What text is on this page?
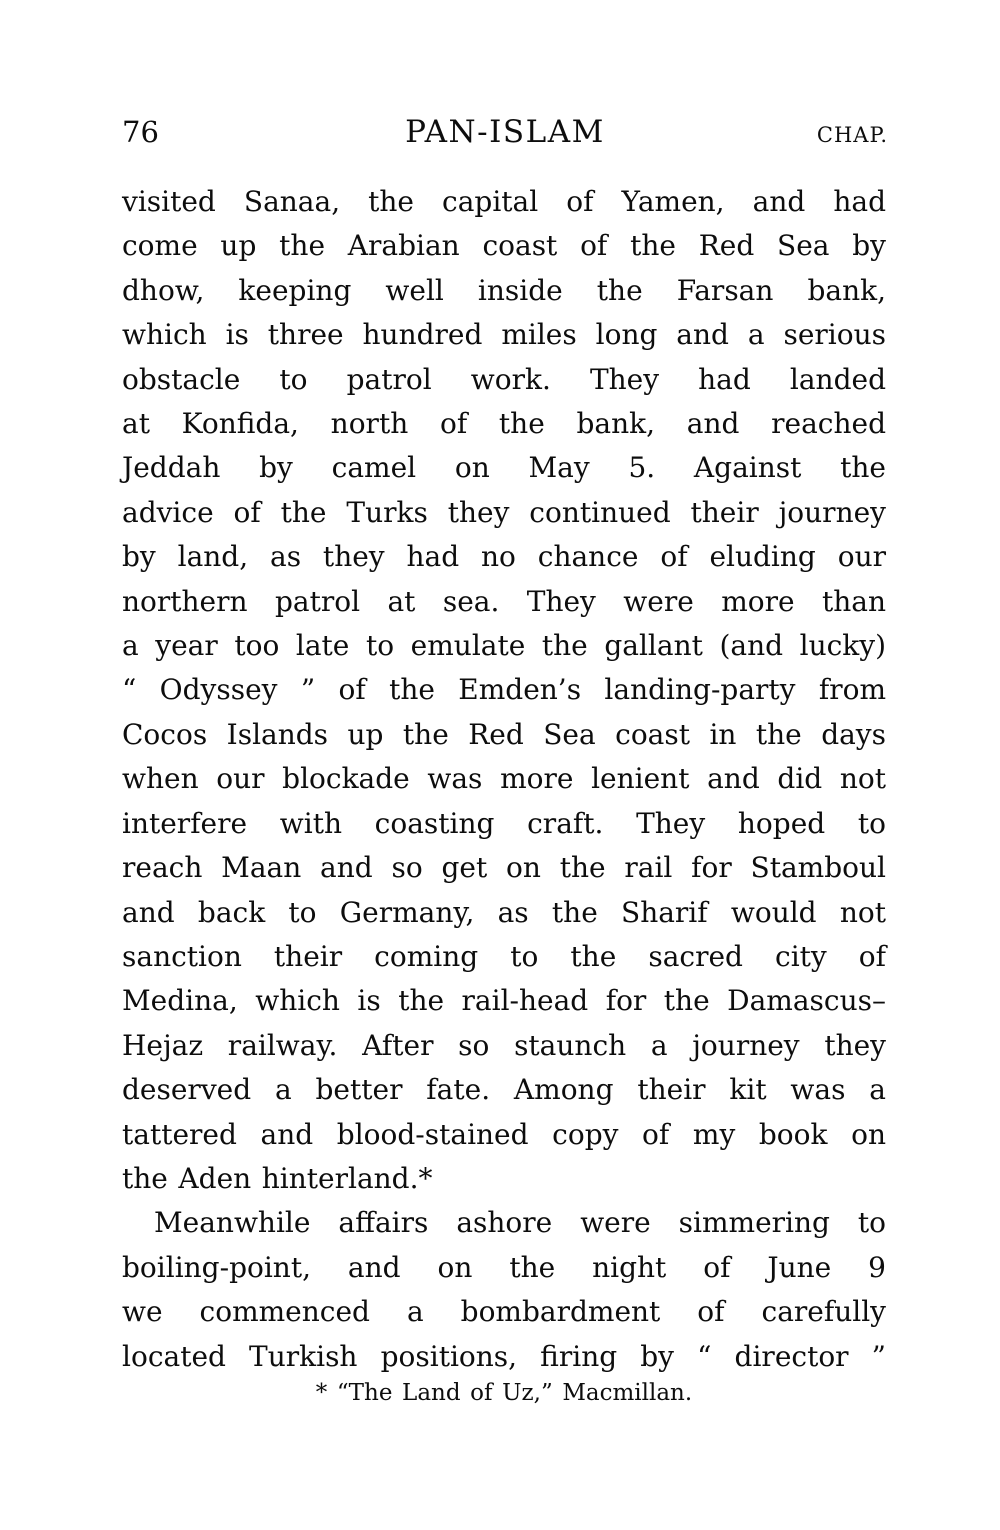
76	PAN-ISLAM	CHAP.
visited Sanaa, the capital of Yamen, and had
come up the Arabian coast of the Red Sea by
dhow, keeping well inside the Farsan bank,
which is three hundred miles long and a serious
obstacle to patrol work. They had landed
at Konfida, north of the bank, and reached
Jeddah by camel on May 5. Against the
advice of the Turks they continued their journey
by land, as they had no chance of eluding our
northern patrol at sea. They were more than
a year too late to emulate the gallant (and lucky)
“ Odyssey ” of the Emden’s landing-party from
Cocos Islands up the Red Sea coast in the days
when our blockade was more lenient and did not
interfere with coasting craft. They hoped to
reach Maan and so get on the rail for Stamboul
and back to Germany, as the Sharif would not
sanction their coming to the sacred city of
Medina, which is the rail-head for the Damascus–
Hejaz railway. After so staunch a journey they
deserved a better fate. Among their kit was a
tattered and blood-stained copy of my book on
the Aden hinterland.*
Meanwhile affairs ashore were simmering to
boiling-point, and on the night of June 9
we commenced a bombardment of carefully
located Turkish positions, firing by “ director ”
* “The Land of Uz,” Macmillan.
